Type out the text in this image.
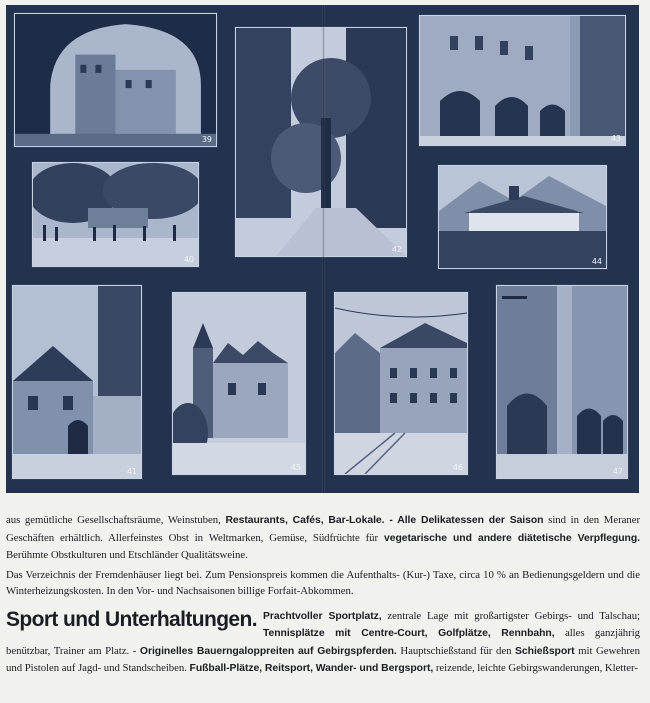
39
42
43
40	44
41	45	46	47

aus gemütliche Gesellschaftsräume, Weinstuben, Restaurants, Cafés, Bar-Lokale. - Alle Delikatessen der Saison sind in den Meraner Geschäften erhältlich. Allerfeinstes Obst in Weltmarken, Gemüse, Südfrüchte für vegetarische und andere diätetische Verpflegung. Berühmte Obstkulturen und Etschländer Qualitätsweine.

Das Verzeichnis der Fremdenhäuser liegt bei. Zum Pensionspreis kommen die Aufenthalts- (Kur-) Taxe, circa 10 % an Bedienungsgeldern und die Winterheizungskosten. In den Vor- und Nachsaisonen billige Forfait-Abkommen.

Sport und Unterhaltungen. Prachtvoller Sportplatz, zentrale Lage mit großartigster Gebirgs- und Talschau; Tennisplätze mit Centre-Court, Golfplätze, Rennbahn, alles ganzjährig benützbar, Trainer am Platz. - Originelles Bauerngaloppreiten auf Gebirgspferden. Hauptschießstand für den Schießsport mit Gewehren und Pistolen auf Jagd- und Standscheiben. Fußball-Plätze, Reitsport, Wander- und Bergsport, reizende, leichte Gebirgswanderungen, Kletter-
